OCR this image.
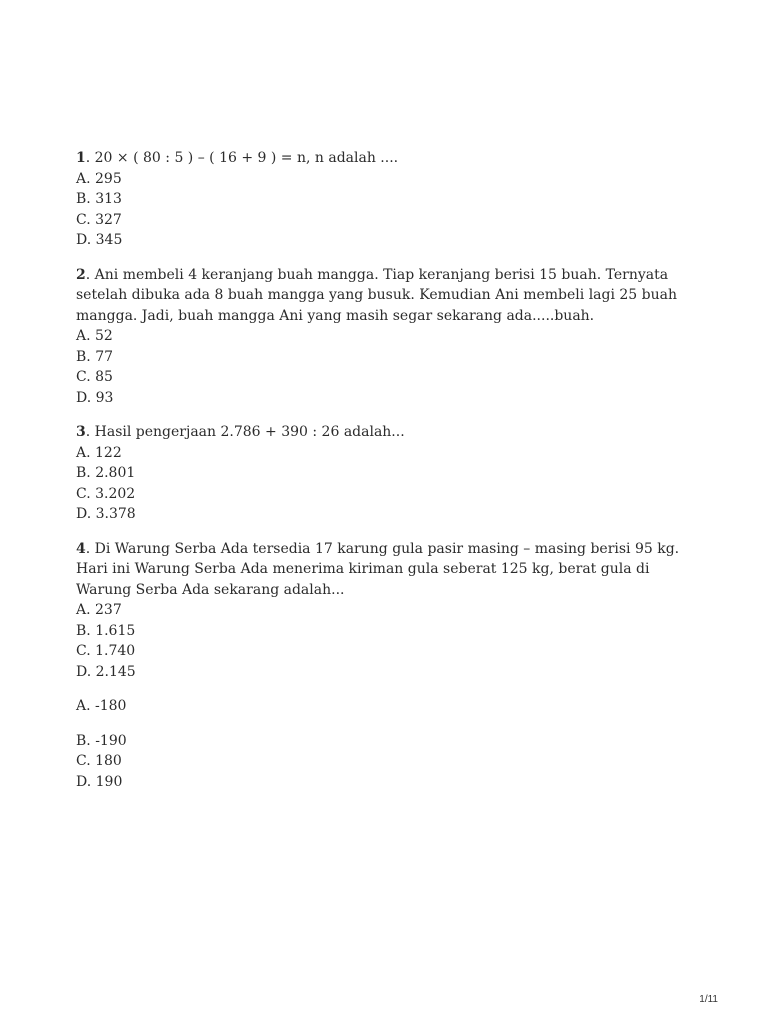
1. 20 × ( 80 : 5 ) – ( 16 + 9 ) = n, n adalah ....

A. 295
B. 313
C. 327
D. 345

2. Ani membeli 4 keranjang buah mangga. Tiap keranjang berisi 15 buah. Ternyata setelah dibuka ada 8 buah mangga yang busuk. Kemudian Ani membeli lagi 25 buah mangga. Jadi, buah mangga Ani yang masih segar sekarang ada.....buah.

A. 52
B. 77
C. 85
D. 93

3. Hasil pengerjaan 2.786 + 390 : 26 adalah...

A. 122
B. 2.801
C. 3.202
D. 3.378

4. Di Warung Serba Ada tersedia 17 karung gula pasir masing – masing berisi 95 kg. Hari ini Warung Serba Ada menerima kiriman gula seberat 125 kg, berat gula di Warung Serba Ada sekarang adalah...

A. 237
B. 1.615
C. 1.740
D. 2.145
A. -180
B. -190
C. 180
D. 190
1/11
